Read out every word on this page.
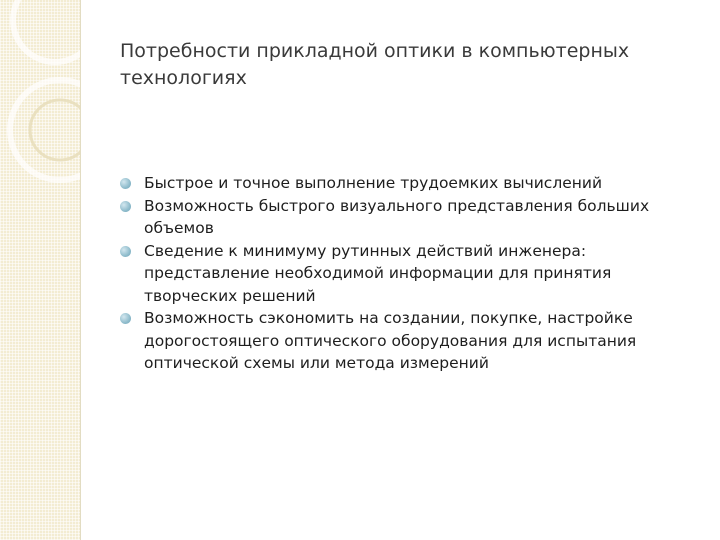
Потребности прикладной оптики в компьютерных технологиях
Быстрое и точное выполнение трудоемких вычислений
Возможность быстрого визуального представления больших объемов
Сведение к минимуму рутинных действий инженера: представление необходимой информации для принятия творческих решений
Возможность сэкономить на создании, покупке, настройке дорогостоящего оптического оборудования для испытания оптической схемы или метода измерений
